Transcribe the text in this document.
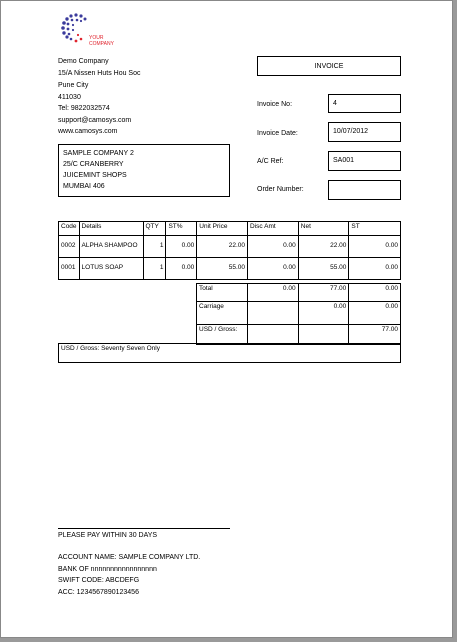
YOUR
COMPANY
Demo Company
15/A Nissen Huts Hou Soc
Pune City
411030
Tel: 9822032574
support@camosys.com
www.camosys.com
INVOICE
Invoice No:	4
Invoice Date:	10/07/2012
A/C Ref:	SA001
Order Number:
SAMPLE COMPANY 2
25/C CRANBERRY
JUICEMINT SHOPS
MUMBAI 406
Code	Details	QTY	ST%	Unit Price	Disc Amt	Net	ST
0002	ALPHA SHAMPOO	1	0.00	22.00	0.00	22.00	0.00
0001	LOTUS SOAP	1	0.00	55.00	0.00	55.00	0.00
Total	0.00	77.00	0.00
Carriage		0.00	0.00
USD / Gross:			77.00
USD / Gross: Seventy Seven Only
PLEASE PAY WITHIN 30 DAYS
ACCOUNT NAME: SAMPLE COMPANY LTD.
BANK OF nnnnnnnnnnnnnnnnn
SWIFT CODE: ABCDEFG
ACC: 1234567890123456
